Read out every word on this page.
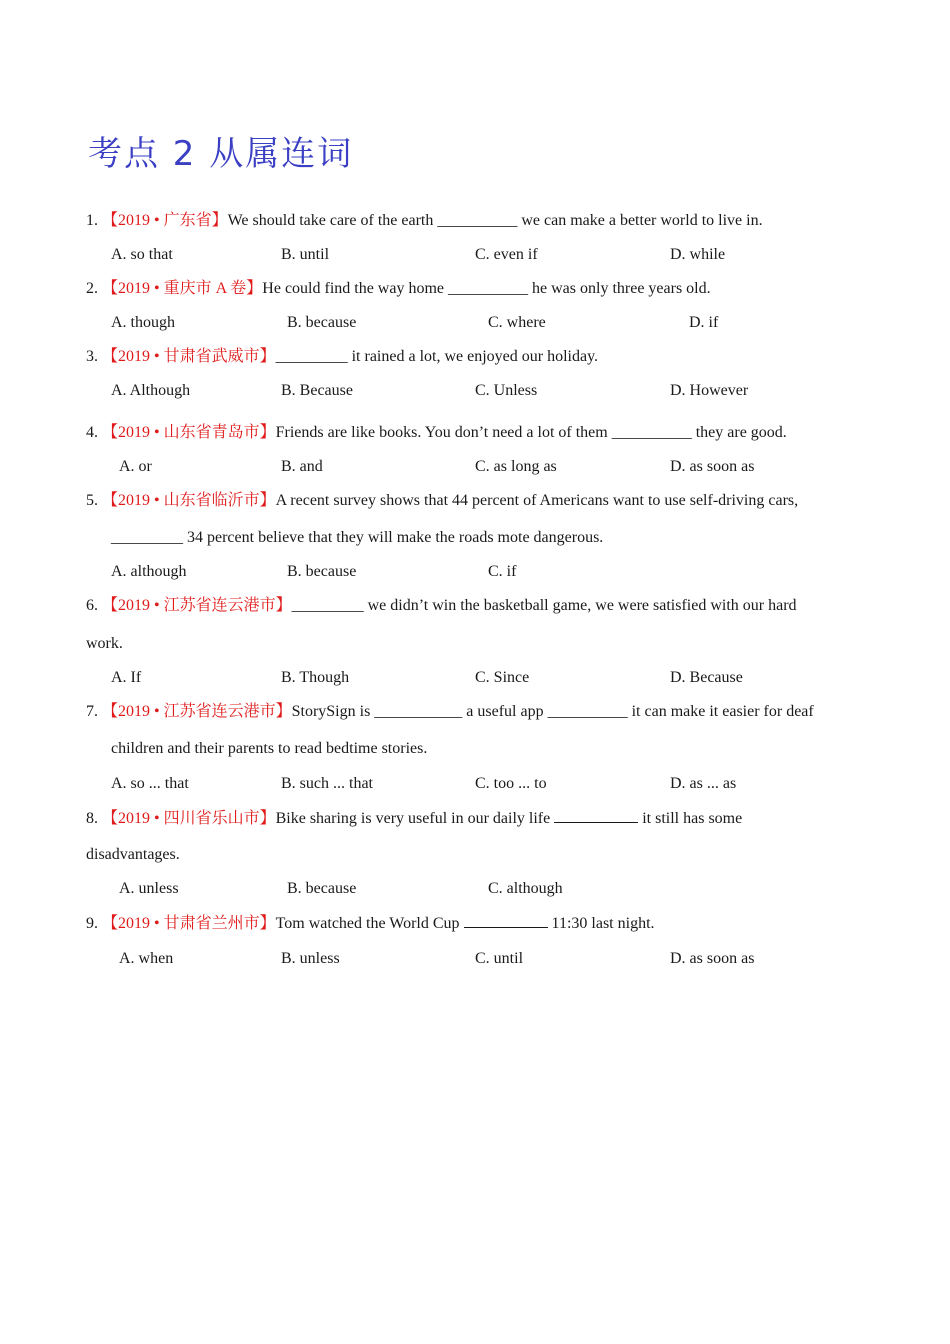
考点 2 从属连词
1. 【2019 • 广东省】We should take care of the earth __________ we can make a better world to live in.
A. so that	B. until	C. even if	D. while
2. 【2019 • 重庆市 A 卷】He could find the way home __________ he was only three years old.
A. though	B. because	C. where	D. if
3. 【2019 • 甘肃省武威市】_________ it rained a lot, we enjoyed our holiday.
A. Although	B. Because	C. Unless	D. However
4. 【2019 • 山东省青岛市】Friends are like books. You don’t need a lot of them __________ they are good.
A. or	B. and	C. as long as	D. as soon as
5. 【2019 • 山东省临沂市】A recent survey shows that 44 percent of Americans want to use self-driving cars,
_________ 34 percent believe that they will make the roads mote dangerous.
A. although	B. because	C. if
6. 【2019 • 江苏省连云港市】_________ we didn’t win the basketball game, we were satisfied with our hard
work.
A. If	B. Though	C. Since	D. Because
7. 【2019 • 江苏省连云港市】StorySign is ___________ a useful app __________ it can make it easier for deaf
children and their parents to read bedtime stories.
A. so ... that	B. such ... that	C. too ... to	D. as ... as
8. 【2019 • 四川省乐山市】Bike sharing is very useful in our daily life	it still has some
disadvantages.
A. unless	B. because	C. although
9. 【2019 • 甘肃省兰州市】Tom watched the World Cup	11:30 last night.
A. when	B. unless	C. until	D. as soon as
